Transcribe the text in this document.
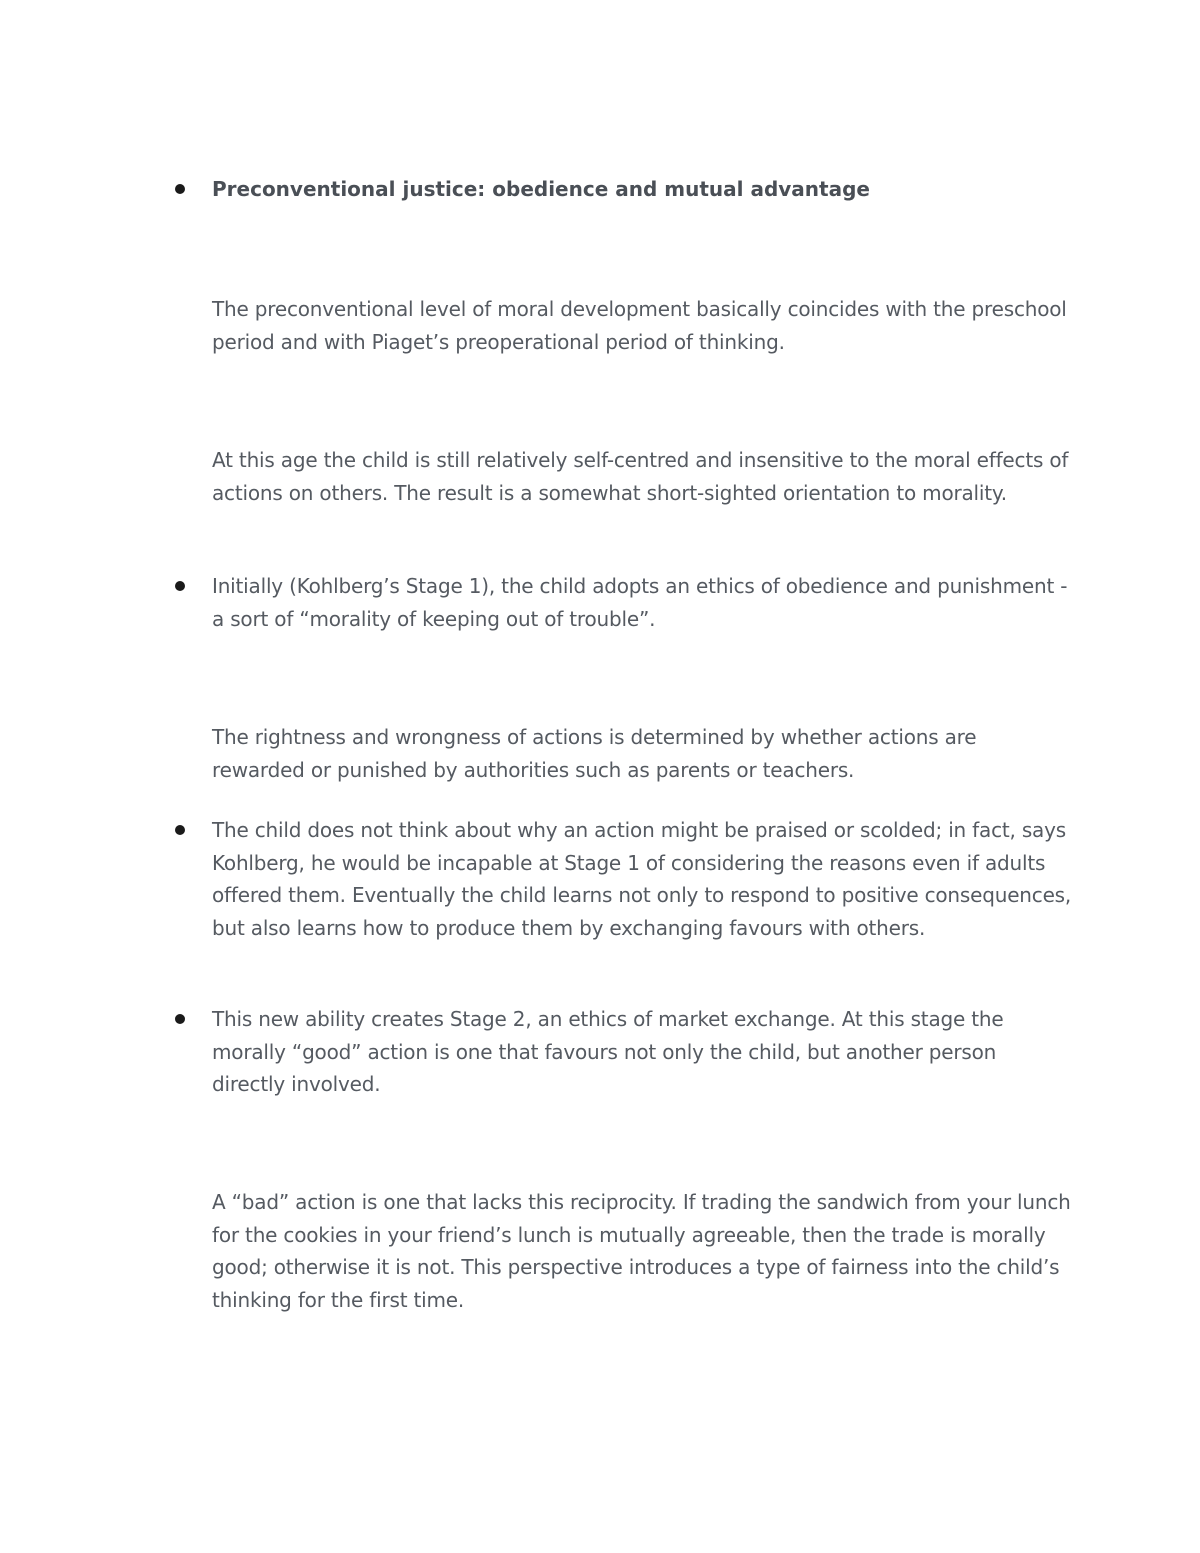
Preconventional justice: obedience and mutual advantage
The preconventional level of moral development basically coincides with the preschool period and with Piaget’s preoperational period of thinking.
At this age the child is still relatively self-centred and insensitive to the moral effects of actions on others. The result is a somewhat short-sighted orientation to morality.
Initially (Kohlberg’s Stage 1), the child adopts an ethics of obedience and punishment - a sort of “morality of keeping out of trouble”.
The rightness and wrongness of actions is determined by whether actions are rewarded or punished by authorities such as parents or teachers.
The child does not think about why an action might be praised or scolded; in fact, says Kohlberg, he would be incapable at Stage 1 of considering the reasons even if adults offered them. Eventually the child learns not only to respond to positive consequences, but also learns how to produce them by exchanging favours with others.
This new ability creates Stage 2, an ethics of market exchange. At this stage the morally “good” action is one that favours not only the child, but another person directly involved.
A “bad” action is one that lacks this reciprocity. If trading the sandwich from your lunch for the cookies in your friend’s lunch is mutually agreeable, then the trade is morally good; otherwise it is not. This perspective introduces a type of fairness into the child’s thinking for the first time.
